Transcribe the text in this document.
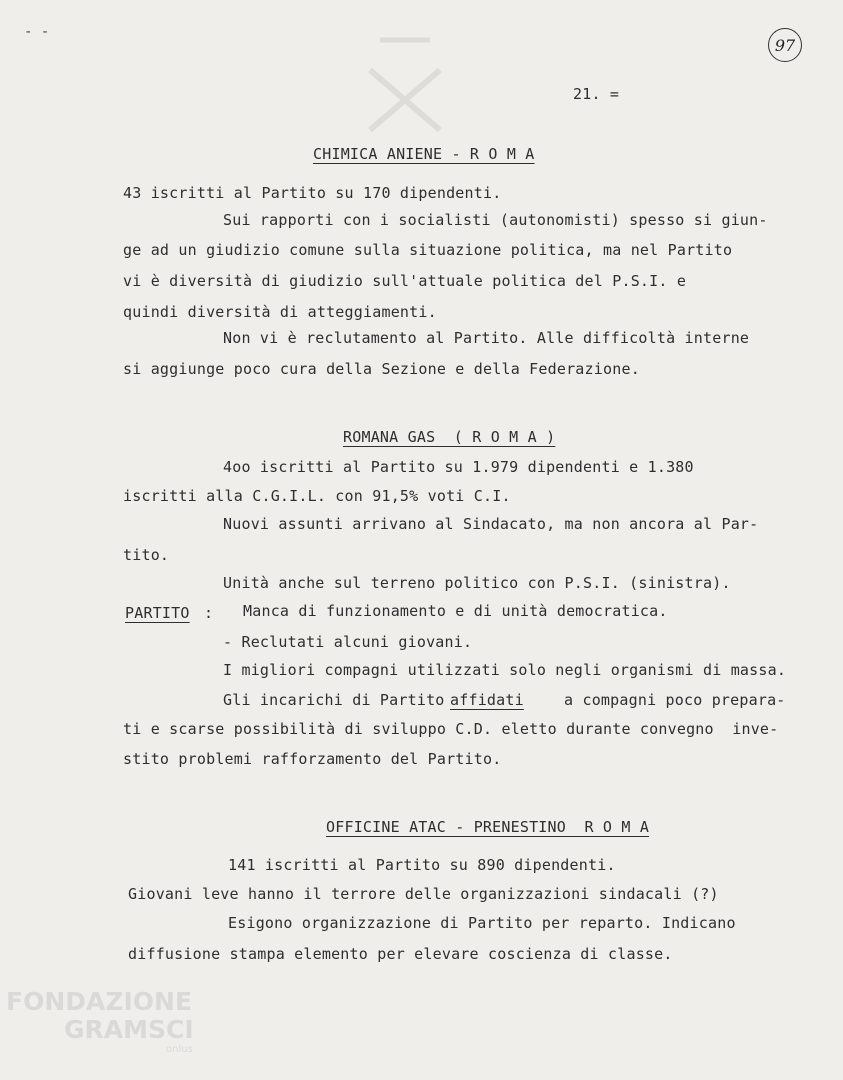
- -
97
21. =
CHIMICA ANIENE - R O M A
43 iscritti al Partito su 170 dipendenti.
Sui rapporti con i socialisti (autonomisti) spesso si giun-
ge ad un giudizio comune sulla situazione politica, ma nel Partito
vi è diversità di giudizio sull'attuale politica del P.S.I. e
quindi diversità di atteggiamenti.
Non vi è reclutamento al Partito. Alle difficoltà interne
si aggiunge poco cura della Sezione e della Federazione.
ROMANA GAS  ( R O M A )
4oo iscritti al Partito su 1.979 dipendenti e 1.380
iscritti alla C.G.I.L. con 91,5% voti C.I.
Nuovi assunti arrivano al Sindacato, ma non ancora al Par-
tito.
Unità anche sul terreno politico con P.S.I. (sinistra).
PARTITO : Manca di funzionamento e di unità democratica.
- Reclutati alcuni giovani.
I migliori compagni utilizzati solo negli organismi di massa.
Gli incarichi di Partito affidati	a compagni poco prepara-
ti e scarse possibilità di sviluppo C.D. eletto durante convegno  inve-
stito problemi rafforzamento del Partito.
OFFICINE ATAC - PRENESTINO  R O M A
141 iscritti al Partito su 890 dipendenti.
Giovani leve hanno il terrore delle organizzazioni sindacali (?)
Esigono organizzazione di Partito per reparto. Indicano
diffusione stampa elemento per elevare coscienza di classe.
FONDAZIONE
GRAMSCI
onlus
